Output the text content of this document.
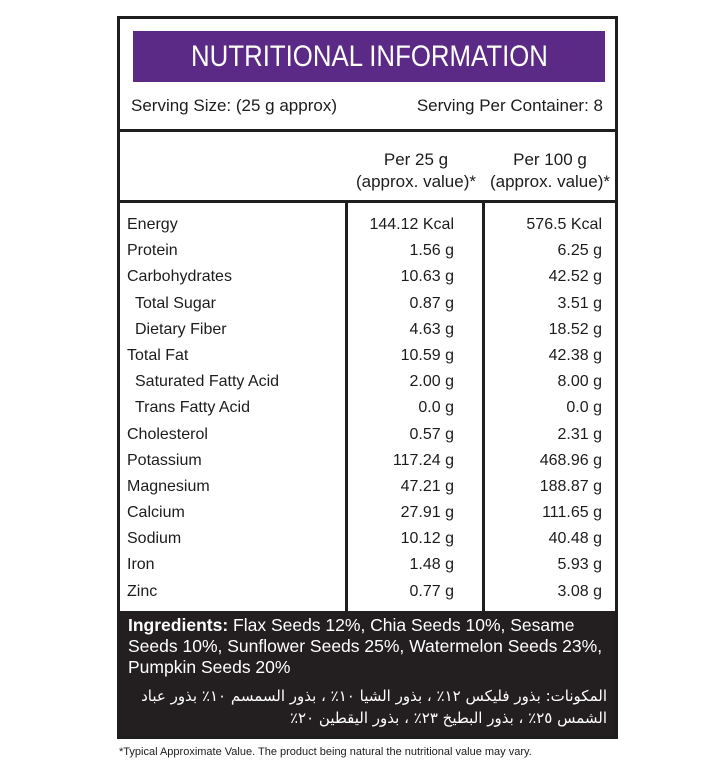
NUTRITIONAL INFORMATION
Serving Size: (25 g approx)	Serving Per Container: 8
Per 25 g
(approx. value)*
Per 100 g
(approx. value)*
Energy	144.12 Kcal	576.5 Kcal
Protein	1.56 g	6.25 g
Carbohydrates	10.63 g	42.52 g
Total Sugar	0.87 g	3.51 g
Dietary Fiber	4.63 g	18.52 g
Total Fat	10.59 g	42.38 g
Saturated Fatty Acid	2.00 g	8.00 g
Trans Fatty Acid	0.0 g	0.0 g
Cholesterol	0.57 g	2.31 g
Potassium	117.24 g	468.96 g
Magnesium	47.21 g	188.87 g
Calcium	27.91 g	111.65 g
Sodium	10.12 g	40.48 g
Iron	1.48 g	5.93 g
Zinc	0.77 g	3.08 g
Ingredients: Flax Seeds 12%, Chia Seeds 10%, Sesame Seeds 10%, Sunflower Seeds 25%, Watermelon Seeds 23%, Pumpkin Seeds 20%
المكونات: بذور فليكس ١٢٪ ، بذور الشيا ١٠٪ ، بذور السمسم ١٠٪ بذور عباد الشمس ٢٥٪ ، بذور البطيخ ٢٣٪ ، بذور اليقطين ٢٠٪
*Typical Approximate Value. The product being natural the nutritional value may vary.
